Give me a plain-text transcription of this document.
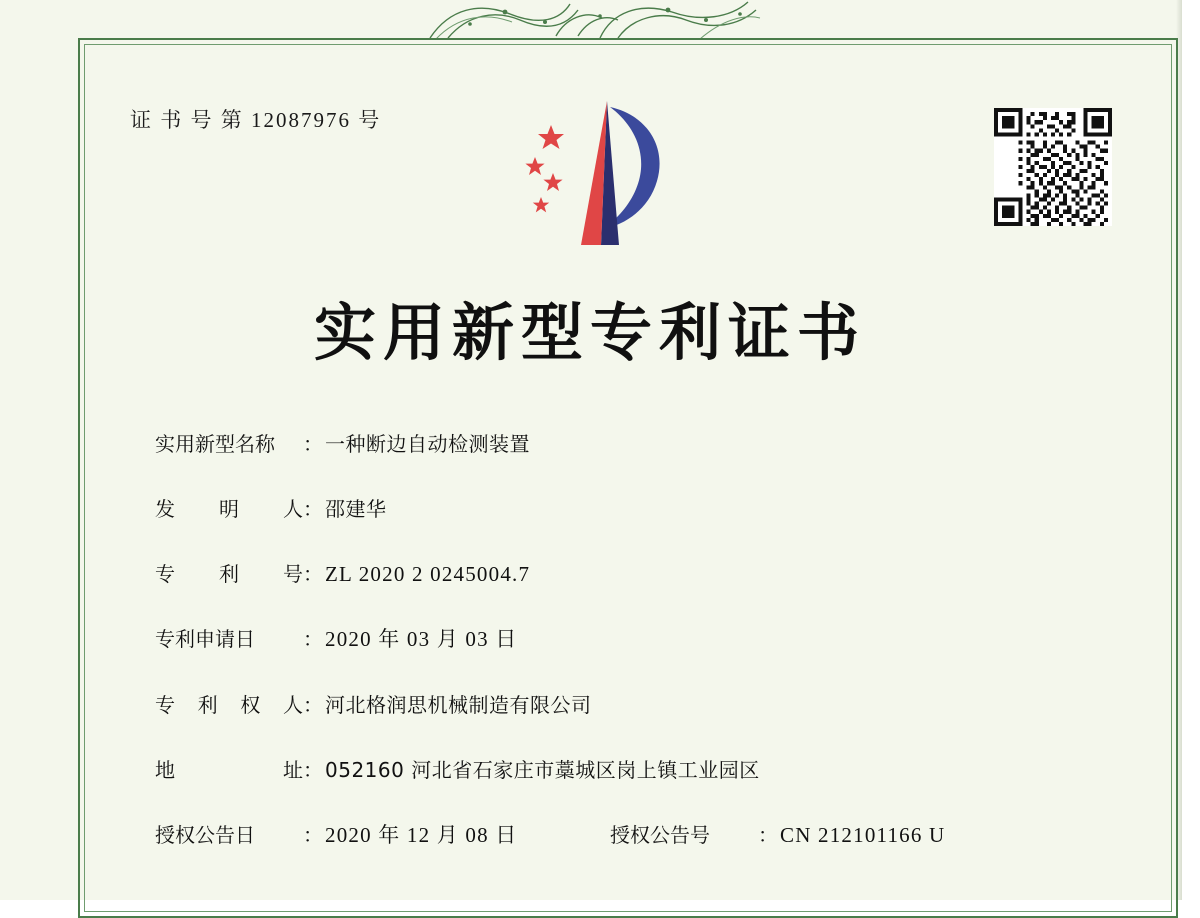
证 书 号 第 12087976 号
实用新型专利证书
实用新型名称	： 一种断边自动检测装置
发 明 人 ： 邵建华
专 利 号 ： ZL 2020 2 0245004.7
专利申请日	： 2020 年 03 月 03 日
专 利 权 人 ： 河北格润思机械制造有限公司
地	址 ： 052160 河北省石家庄市藁城区岗上镇工业园区
授权公告日	： 2020 年 12 月 08 日	授权公告号	： CN 212101166 U
